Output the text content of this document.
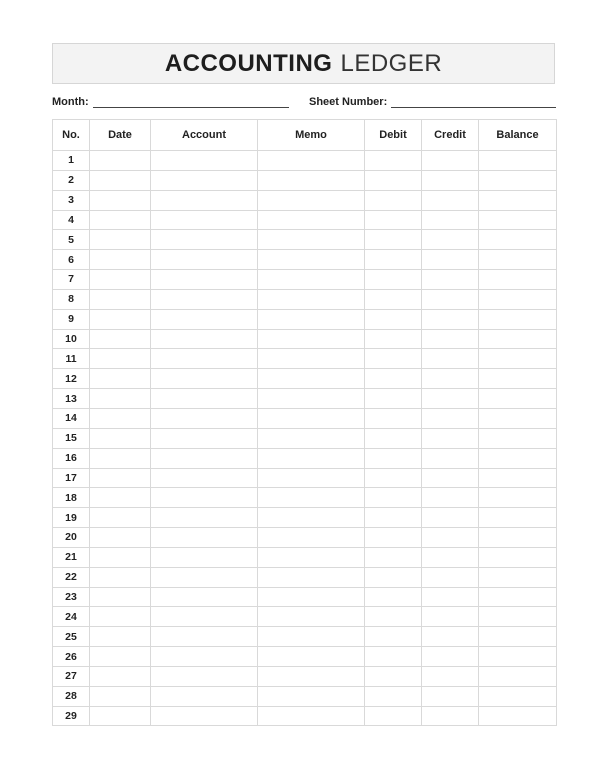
ACCOUNTING LEDGER
Month:	Sheet Number:
No.	Date	Account	Memo	Debit	Credit	Balance
1						
2						
3						
4						
5						
6						
7						
8						
9						
10						
11						
12						
13						
14						
15						
16						
17						
18						
19						
20						
21						
22						
23						
24						
25						
26						
27						
28						
29						
